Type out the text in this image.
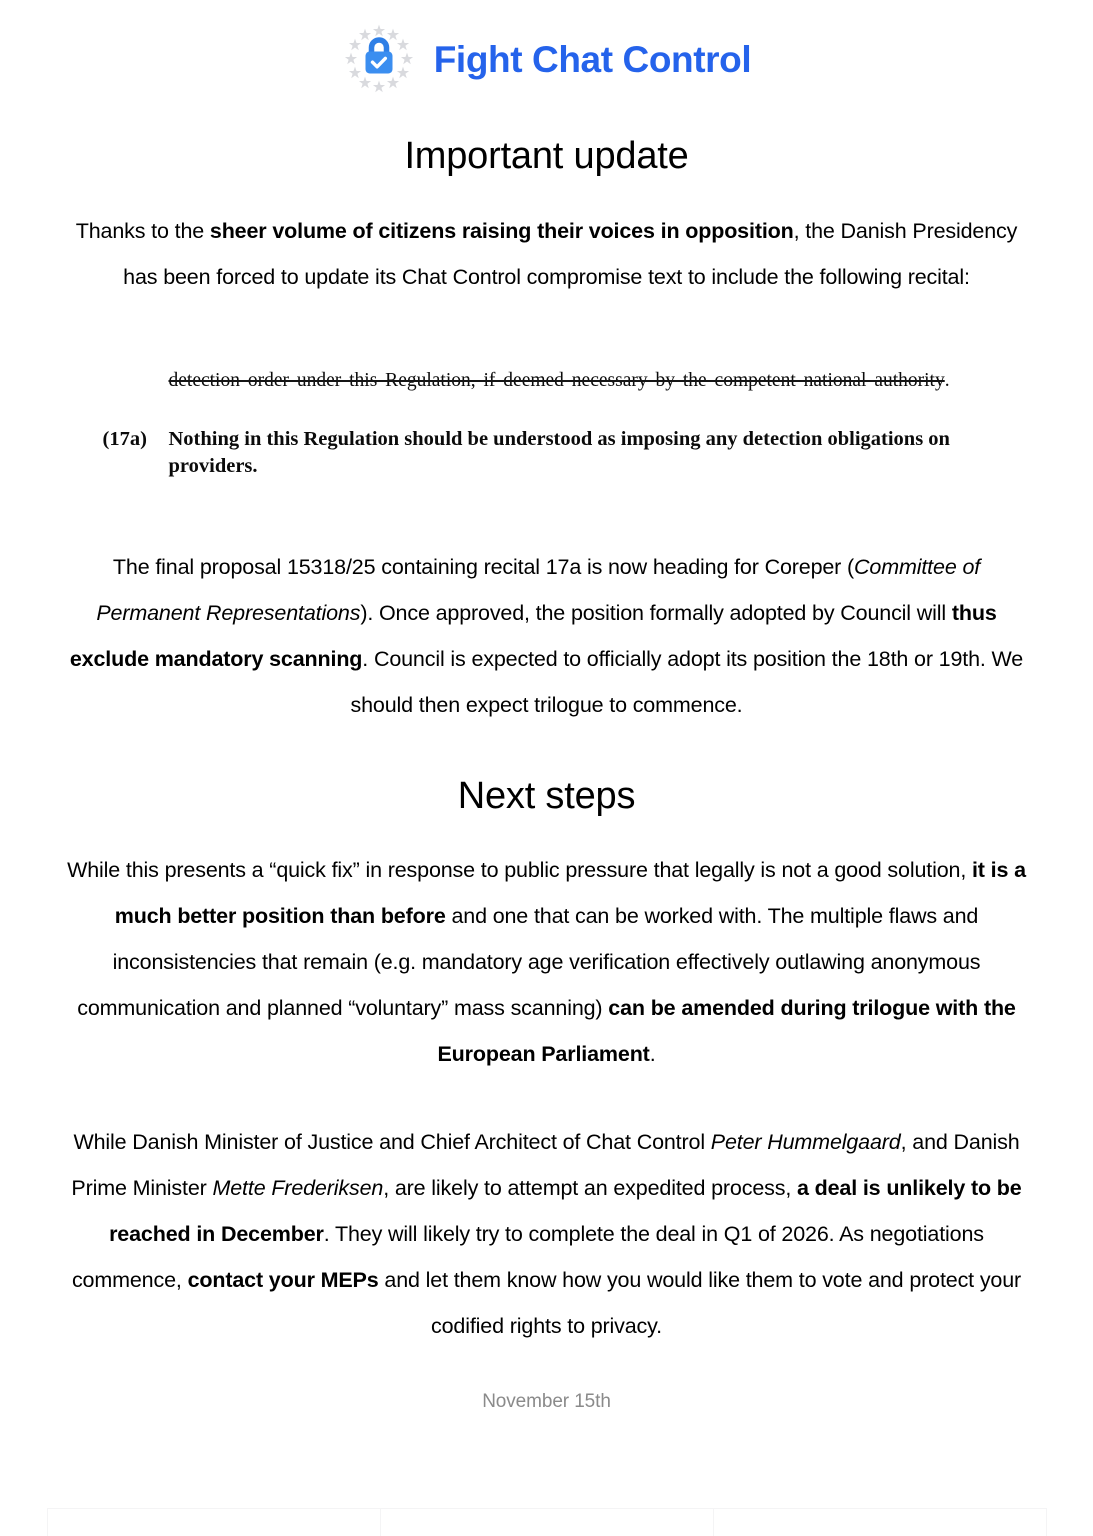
Fight Chat Control
Important update

Thanks to the sheer volume of citizens raising their voices in opposition, the Danish Presidency has been forced to update its Chat Control compromise text to include the following recital:

detection order under this Regulation, if deemed necessary by the competent national authority.

(17a)	Nothing in this Regulation should be understood as imposing any detection obligations on providers.

The final proposal 15318/25 containing recital 17a is now heading for Coreper (Committee of Permanent Representations). Once approved, the position formally adopted by Council will thus exclude mandatory scanning. Council is expected to officially adopt its position the 18th or 19th. We should then expect trilogue to commence.

Next steps

While this presents a “quick fix” in response to public pressure that legally is not a good solution, it is a much better position than before and one that can be worked with. The multiple flaws and inconsistencies that remain (e.g. mandatory age verification effectively outlawing anonymous communication and planned “voluntary” mass scanning) can be amended during trilogue with the European Parliament.

While Danish Minister of Justice and Chief Architect of Chat Control Peter Hummelgaard, and Danish Prime Minister Mette Frederiksen, are likely to attempt an expedited process, a deal is unlikely to be reached in December. They will likely try to complete the deal in Q1 of 2026. As negotiations commence, contact your MEPs and let them know how you would like them to vote and protect your codified rights to privacy.

November 15th
